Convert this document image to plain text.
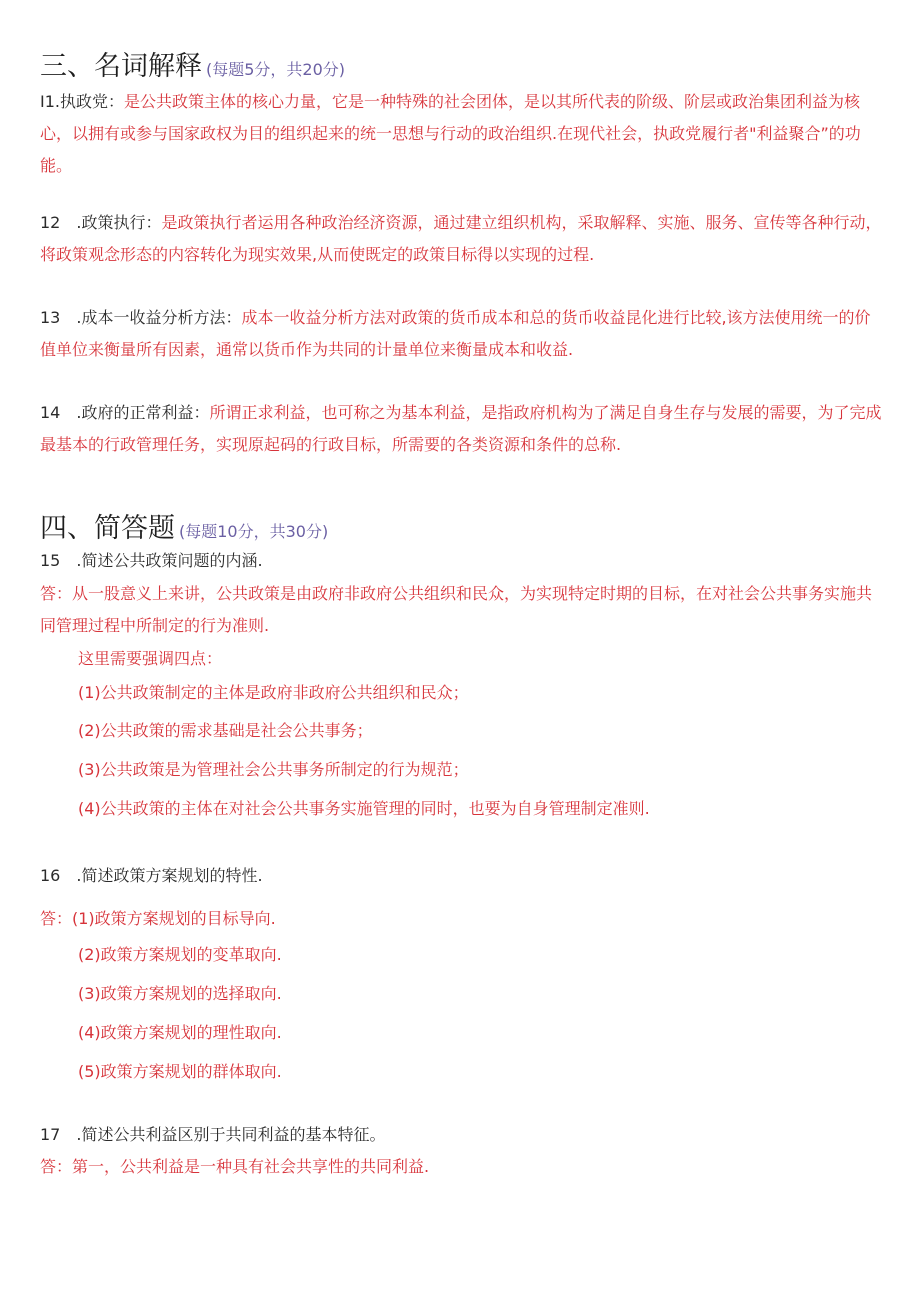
三、名词解释 (每题5分，共20分)

I1.执政党：是公共政策主体的核心力量，它是一种特殊的社会团体，是以其所代表的阶级、阶层或政治集团利益为核心，以拥有或参与国家政权为目的组织起来的统一思想与行动的政治组织.在现代社会，执政党履行者"利益聚合”的功能。

12　.政策执行：是政策执行者运用各种政治经济资源，通过建立组织机构，采取解释、实施、服务、宣传等各种行动，将政策观念形态的内容转化为现实效果,从而使既定的政策目标得以实现的过程.

13　.成本一收益分析方法：成本一收益分析方法对政策的货币成本和总的货币收益昆化进行比较,该方法使用统一的价值单位来衡量所有因素，通常以货币作为共同的计量单位来衡量成本和收益.

14　.政府的正常利益：所谓正求利益，也可称之为基本利益，是指政府机构为了满足自身生存与发展的需要，为了完成最基本的行政管理任务，实现原起码的行政目标，所需要的各类资源和条件的总称.

四、简答题 (每题10分，共30分)

15　.简述公共政策问题的内涵.

答：从一股意义上来讲，公共政策是由政府非政府公共组织和民众，为实现特定时期的目标，在对社会公共事务实施共同管理过程中所制定的行为准则.

这里需要强调四点：

(1)公共政策制定的主体是政府非政府公共组织和民众；

(2)公共政策的需求基础是社会公共事务；

(3)公共政策是为管理社会公共事务所制定的行为规范；

(4)公共政策的主体在对社会公共事务实施管理的同时，也要为自身管理制定准则.

16　.简述政策方案规划的特性.

答：(1)政策方案规划的目标导向.

(2)政策方案规划的变革取向.

(3)政策方案规划的选择取向.

(4)政策方案规划的理性取向.

(5)政策方案规划的群体取向.

17　.简述公共利益区别于共同利益的基本特征。

答：第一，公共利益是一种具有社会共享性的共同利益.
